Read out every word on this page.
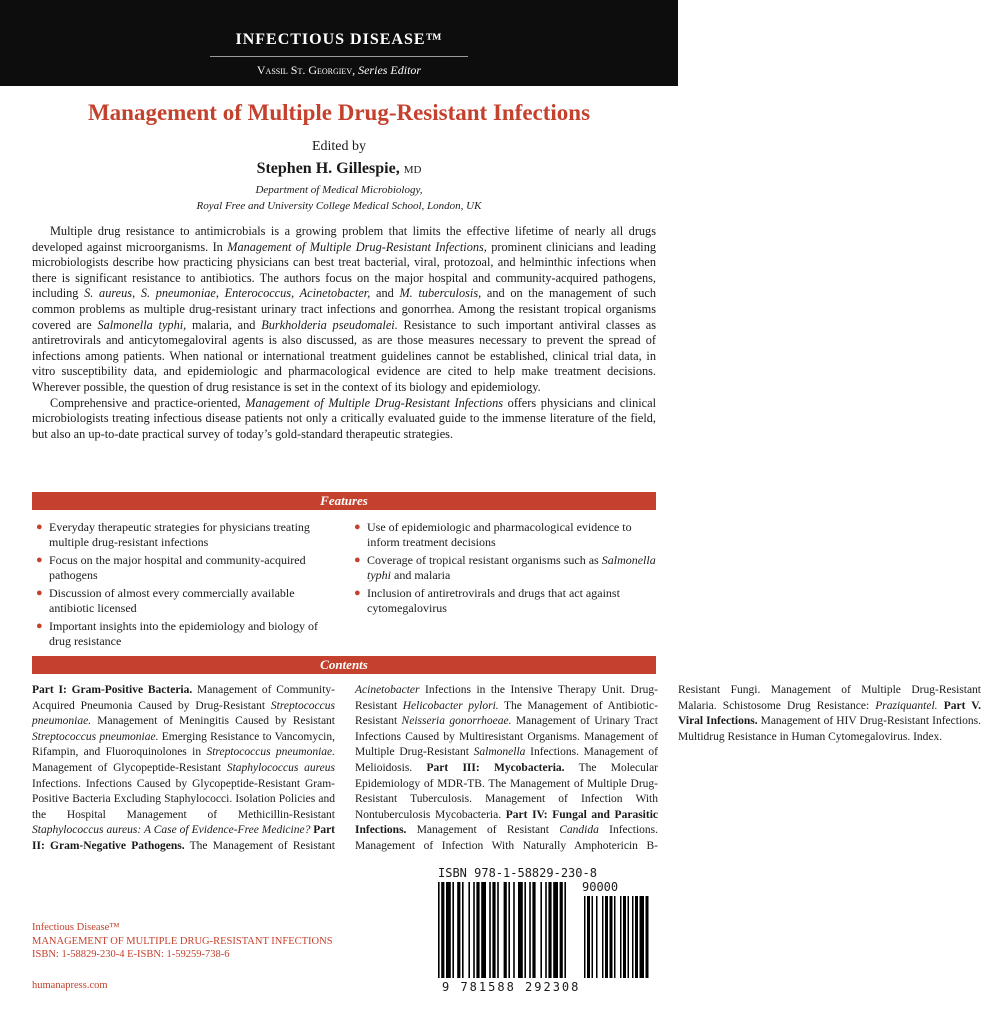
INFECTIOUS DISEASE™
Vassil St. Georgiev, Series Editor
Management of Multiple Drug-Resistant Infections
Edited by
Stephen H. Gillespie, MD
Department of Medical Microbiology,
Royal Free and University College Medical School, London, UK

Multiple drug resistance to antimicrobials is a growing problem that limits the effective lifetime of nearly all drugs developed against microorganisms. In Management of Multiple Drug-Resistant Infections, prominent clinicians and leading microbiologists describe how practicing physicians can best treat bacterial, viral, protozoal, and helminthic infections when there is significant resistance to antibiotics. The authors focus on the major hospital and community-acquired pathogens, including S. aureus, S. pneumoniae, Enterococcus, Acinetobacter, and M. tuberculosis, and on the management of such common problems as multiple drug-resistant urinary tract infections and gonorrhea. Among the resistant tropical organisms covered are Salmonella typhi, malaria, and Burkholderia pseudomalei. Resistance to such important antiviral classes as antiretrovirals and anticytomegaloviral agents is also discussed, as are those measures necessary to prevent the spread of infections among patients. When national or international treatment guidelines cannot be established, clinical trial data, in vitro susceptibility data, and epidemiologic and pharmacological evidence are cited to help make treatment decisions. Wherever possible, the question of drug resistance is set in the context of its biology and epidemiology.

Comprehensive and practice-oriented, Management of Multiple Drug-Resistant Infections offers physicians and clinical microbiologists treating infectious disease patients not only a critically evaluated guide to the immense literature of the field, but also an up-to-date practical survey of today’s gold-standard therapeutic strategies.

Features
● Everyday therapeutic strategies for physicians treating multiple drug-resistant infections
● Focus on the major hospital and community-acquired pathogens
● Discussion of almost every commercially available antibiotic licensed
● Important insights into the epidemiology and biology of drug resistance
● Use of epidemiologic and pharmacological evidence to inform treatment decisions
● Coverage of tropical resistant organisms such as Salmonella typhi and malaria
● Inclusion of antiretrovirals and drugs that act against cytomegalovirus
Contents
Part I: Gram-Positive Bacteria. Management of Community-Acquired Pneumonia Caused by Drug-Resistant Streptococcus pneumoniae. Management of Meningitis Caused by Resistant Streptococcus pneumoniae. Emerging Resistance to Vancomycin, Rifampin, and Fluoroquinolones in Streptococcus pneumoniae. Management of Glycopeptide-Resistant Staphylococcus aureus Infections. Infections Caused by Glycopeptide-Resistant Gram-Positive Bacteria Excluding Staphylococci. Isolation Policies and the Hospital Management of Methicillin-Resistant Staphylococcus aureus: A Case of Evidence-Free Medicine? Part II: Gram-Negative Pathogens. The Management of Resistant Acinetobacter Infections in the Intensive Therapy Unit. Drug-Resistant Helicobacter pylori. The Management of Antibiotic-Resistant Neisseria gonorrhoeae. Management of Urinary Tract Infections Caused by Multiresistant Organisms. Management of Multiple Drug-Resistant Salmonella Infections. Management of Melioidosis. Part III: Mycobacteria. The Molecular Epidemiology of MDR-TB. The Management of Multiple Drug-Resistant Tuberculosis. Management of Infection With Nontuberculosis Mycobacteria. Part IV: Fungal and Parasitic Infections. Management of Resistant Candida Infections. Management of Infection With Naturally Amphotericin B-Resistant Fungi. Management of Multiple Drug-Resistant Malaria. Schistosome Drug Resistance: Praziquantel. Part V. Viral Infections. Management of HIV Drug-Resistant Infections. Multidrug Resistance in Human Cytomegalovirus. Index.
Infectious Disease™
MANAGEMENT OF MULTIPLE DRUG-RESISTANT INFECTIONS
ISBN: 1-58829-230-4 E-ISBN: 1-59259-738-6
humanapress.com
ISBN 978-1-58829-230-8
90000
9 781588 292308
